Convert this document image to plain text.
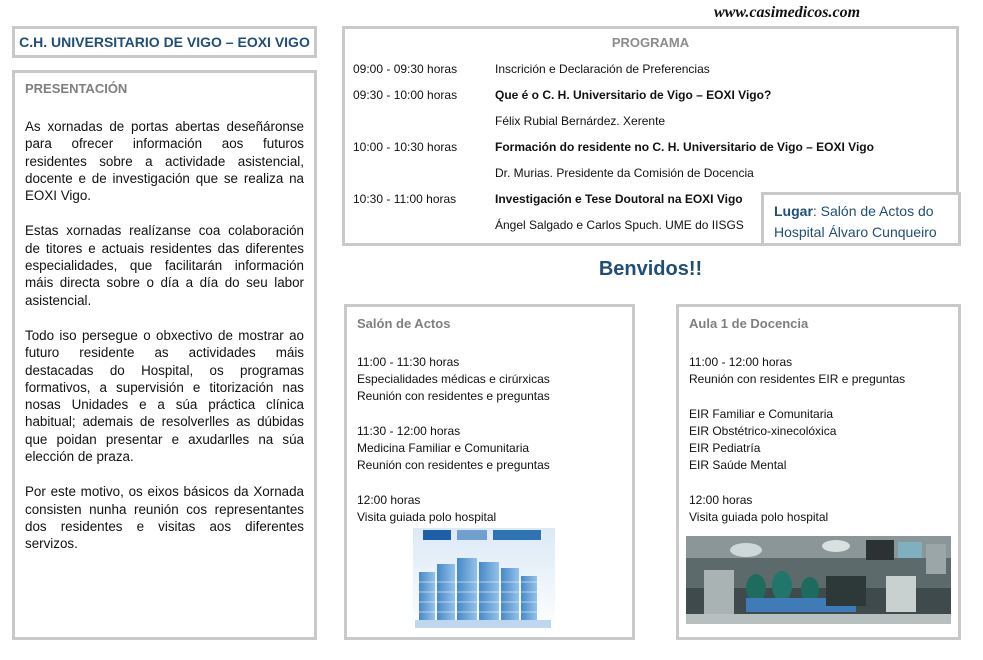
www.casimedicos.com
C.H. UNIVERSITARIO DE VIGO – EOXI VIGO
PRESENTACIÓN

As xornadas de portas abertas deseñáronse para ofrecer información aos futuros residentes sobre a actividade asistencial, docente e de investigación que se realiza na EOXI Vigo.

Estas xornadas realízanse coa colaboración de titores e actuais residentes das diferentes especialidades, que facilitarán información máis directa sobre o día a día do seu labor asistencial.

Todo iso persegue o obxectivo de mostrar ao futuro residente as actividades máis destacadas do Hospital, os programas formativos, a supervisión e titorización nas nosas Unidades e a súa práctica clínica habitual; ademais de resolverlles as dúbidas que poidan presentar e axudarlles na súa elección de praza.

Por este motivo, os eixos básicos da Xornada consisten nunha reunión cos representantes dos residentes e visitas aos diferentes servizos.

PROGRAMA
09:00 - 09:30 horas	Inscrición e Declaración de Preferencias
09:30 - 10:00 horas	Que é o C. H. Universitario de Vigo – EOXI Vigo?
Félix Rubial Bernárdez. Xerente
10:00 - 10:30 horas	Formación do residente no C. H. Universitario de Vigo – EOXI Vigo
Dr. Murias. Presidente da Comisión de Docencia
10:30 - 11:00 horas	Investigación e Tese Doutoral na EOXI Vigo
Ángel Salgado e Carlos Spuch. UME do IISGS
Lugar: Salón de Actos do Hospital Álvaro Cunqueiro
Benvidos!!
Salón de Actos

11:00 - 11:30 horas
Especialidades médicas e cirúrxicas
Reunión con residentes e preguntas

11:30 - 12:00 horas
Medicina Familiar e Comunitaria
Reunión con residentes e preguntas

12:00 horas
Visita guiada polo hospital

Aula 1 de Docencia

11:00 - 12:00 horas
Reunión con residentes EIR e preguntas

EIR Familiar e Comunitaria
EIR Obstétrico-xinecolóxica
EIR Pediatría
EIR Saúde Mental

12:00 horas
Visita guiada polo hospital
